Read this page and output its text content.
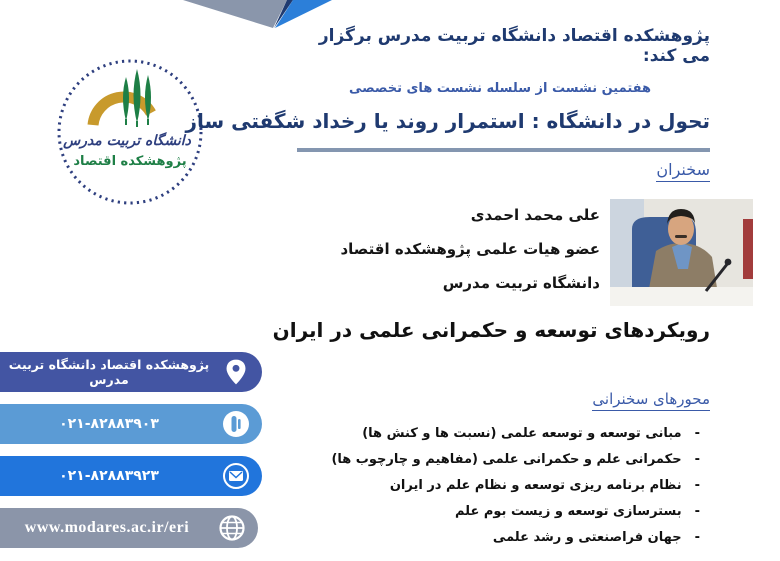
دانشگاه تربیت مدرس
پژوهشکده اقتصاد
پژوهشکده اقتصاد دانشگاه تربیت مدرس برگزار می کند:
هفتمین نشست از سلسله نشست های تخصصی
تحول در دانشگاه : استمرار روند یا رخداد شگفتی ساز
سخنران
علی محمد احمدی
عضو هیات علمی پژوهشکده اقتصاد
دانشگاه تربیت مدرس
رویکردهای توسعه و حکمرانی علمی در ایران
محورهای سخنرانی
-
مبانی توسعه و توسعه علمی (نسبت ها و کنش ها)
-
حکمرانی علم و حکمرانی علمی (مفاهیم و چارچوب ها)
-
نظام برنامه ریزی توسعه و نظام علم در ایران
-
بسترسازی توسعه و زیست بوم علم
-
جهان فراصنعتی و رشد علمی
پژوهشکده اقتصاد دانشگاه تربیت مدرس
۰۲۱-۸۲۸۸۳۹۰۳
۰۲۱-۸۲۸۸۳۹۲۳
www.modares.ac.ir/eri
